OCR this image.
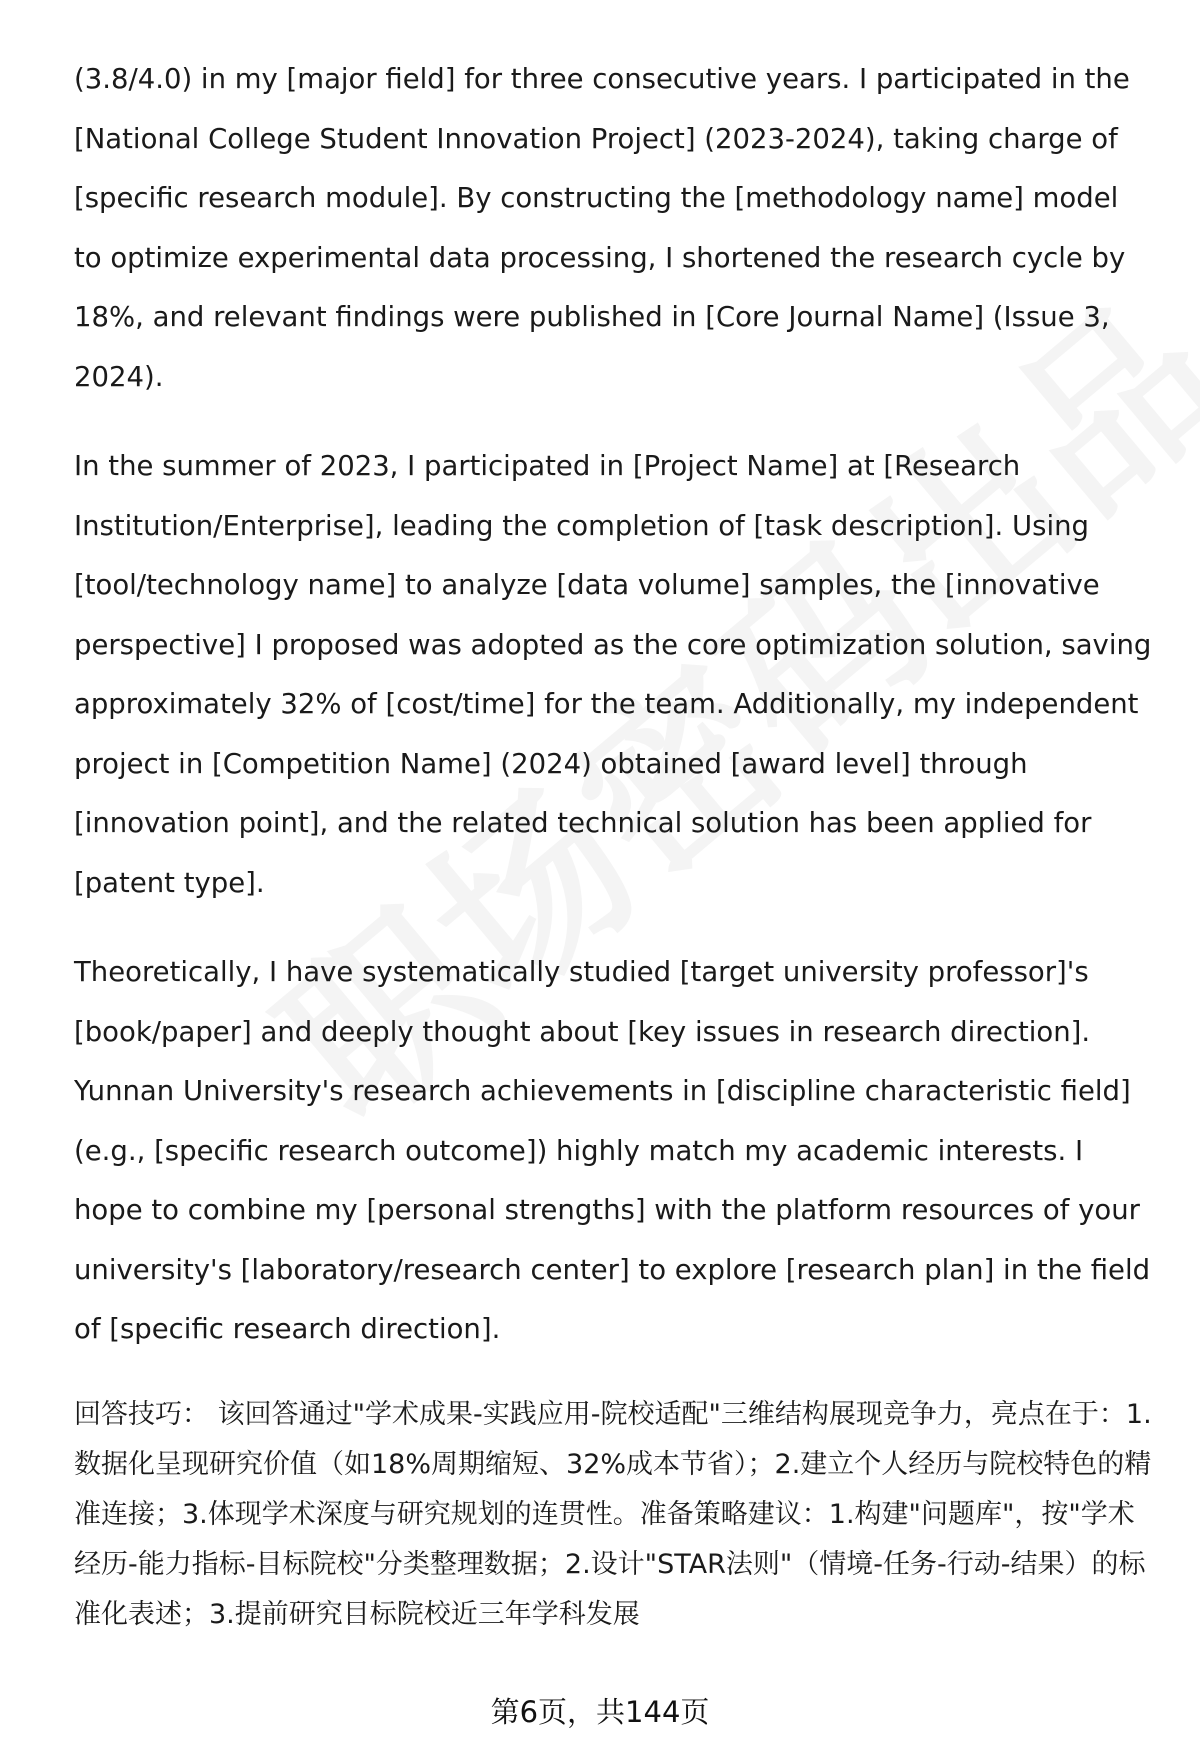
(3.8/4.0) in my [major field] for three consecutive years. I participated in the [National College Student Innovation Project] (2023-2024), taking charge of [specific research module]. By constructing the [methodology name] model to optimize experimental data processing, I shortened the research cycle by 18%, and relevant findings were published in [Core Journal Name] (Issue 3, 2024).

In the summer of 2023, I participated in [Project Name] at [Research Institution/Enterprise], leading the completion of [task description]. Using [tool/technology name] to analyze [data volume] samples, the [innovative perspective] I proposed was adopted as the core optimization solution, saving approximately 32% of [cost/time] for the team. Additionally, my independent project in [Competition Name] (2024) obtained [award level] through [innovation point], and the related technical solution has been applied for [patent type].

Theoretically, I have systematically studied [target university professor]'s [book/paper] and deeply thought about [key issues in research direction]. Yunnan University's research achievements in [discipline characteristic field] (e.g., [specific research outcome]) highly match my academic interests. I hope to combine my [personal strengths] with the platform resources of your university's [laboratory/research center] to explore [research plan] in the field of [specific research direction].

回答技巧： 该回答通过"学术成果-实践应用-院校适配"三维结构展现竞争力，亮点在于：1.数据化呈现研究价值（如18%周期缩短、32%成本节省）；2.建立个人经历与院校特色的精准连接；3.体现学术深度与研究规划的连贯性。准备策略建议：1.构建"问题库"，按"学术经历-能力指标-目标院校"分类整理数据；2.设计"STAR法则"（情境-任务-行动-结果）的标准化表述；3.提前研究目标院校近三年学科发展

第6页，共144页
